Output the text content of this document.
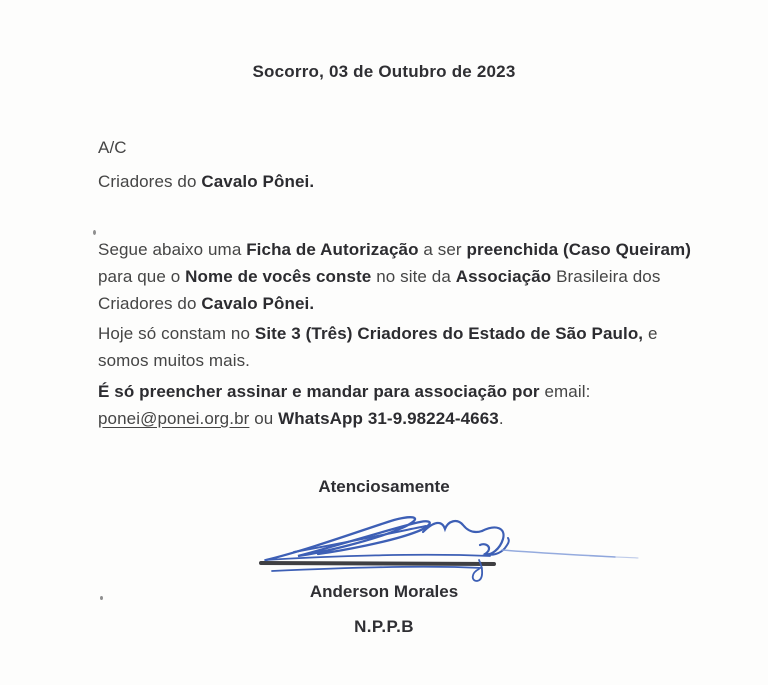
Socorro, 03 de Outubro de 2023
A/C
Criadores do Cavalo Pônei.
Segue abaixo uma Ficha de Autorização a ser preenchida (Caso Queiram)
para que o Nome de vocês conste no site da Associação Brasileira dos
Criadores do Cavalo Pônei.
Hoje só constam no Site 3 (Três) Criadores do Estado de São Paulo, e
somos muitos mais.
É só preencher assinar e mandar para associação por email:
ponei@ponei.org.br ou WhatsApp 31-9.98224-4663.
Atenciosamente
Anderson Morales
N.P.P.B
